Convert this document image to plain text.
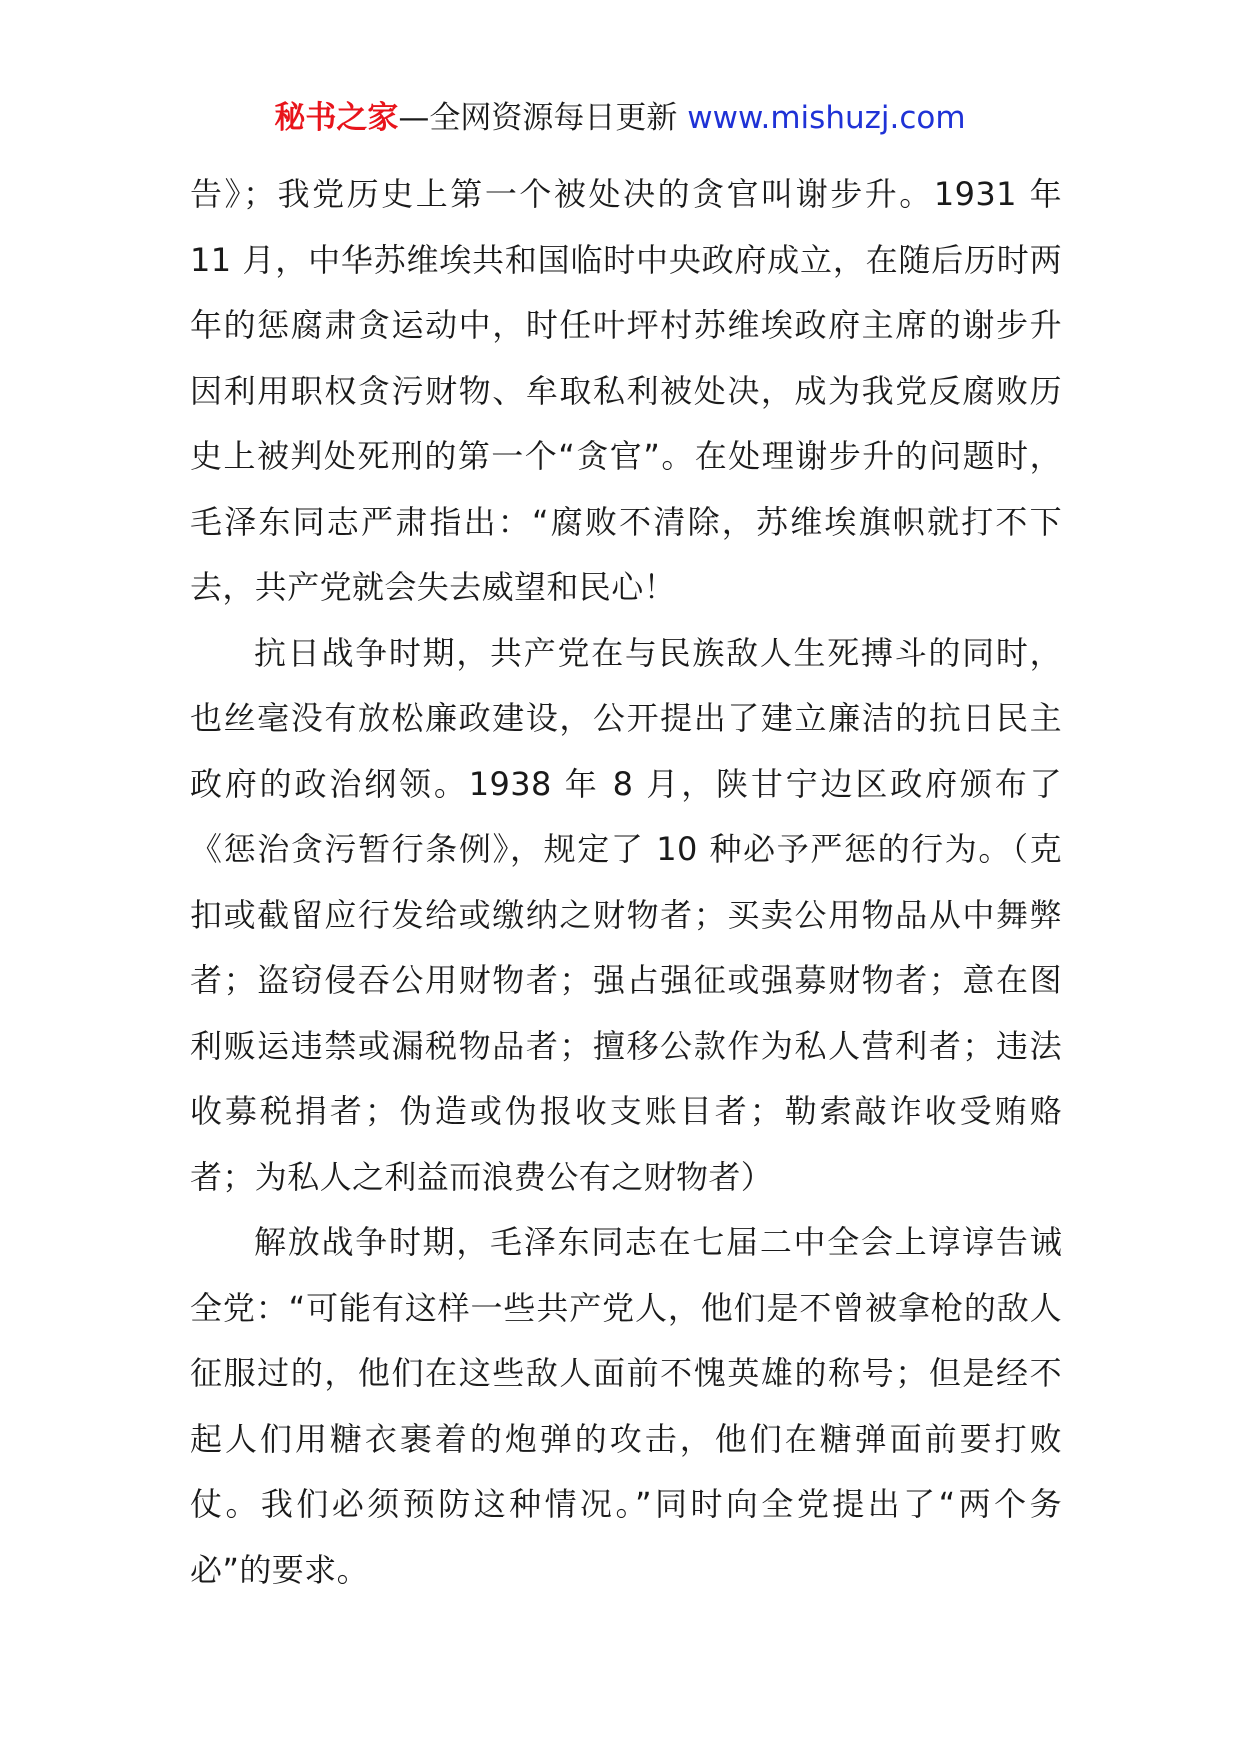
秘书之家—全网资源每日更新 www.mishuzj.com

告》；我党历史上第一个被处决的贪官叫谢步升。1931 年 11 月，中华苏维埃共和国临时中央政府成立，在随后历时两年的惩腐肃贪运动中，时任叶坪村苏维埃政府主席的谢步升因利用职权贪污财物、牟取私利被处决，成为我党反腐败历史上被判处死刑的第一个“贪官”。在处理谢步升的问题时，毛泽东同志严肃指出：“腐败不清除，苏维埃旗帜就打不下去，共产党就会失去威望和民心！

抗日战争时期，共产党在与民族敌人生死搏斗的同时，也丝毫没有放松廉政建设，公开提出了建立廉洁的抗日民主政府的政治纲领。1938 年 8 月，陕甘宁边区政府颁布了《惩治贪污暂行条例》，规定了 10 种必予严惩的行为。（克扣或截留应行发给或缴纳之财物者；买卖公用物品从中舞弊者；盗窃侵吞公用财物者；强占强征或强募财物者；意在图利贩运违禁或漏税物品者；擅移公款作为私人营利者；违法收募税捐者；伪造或伪报收支账目者；勒索敲诈收受贿赂者；为私人之利益而浪费公有之财物者）

解放战争时期，毛泽东同志在七届二中全会上谆谆告诫全党：“可能有这样一些共产党人，他们是不曾被拿枪的敌人征服过的，他们在这些敌人面前不愧英雄的称号；但是经不起人们用糖衣裹着的炮弹的攻击，他们在糖弹面前要打败仗。我们必须预防这种情况。”同时向全党提出了“两个务必”的要求。
